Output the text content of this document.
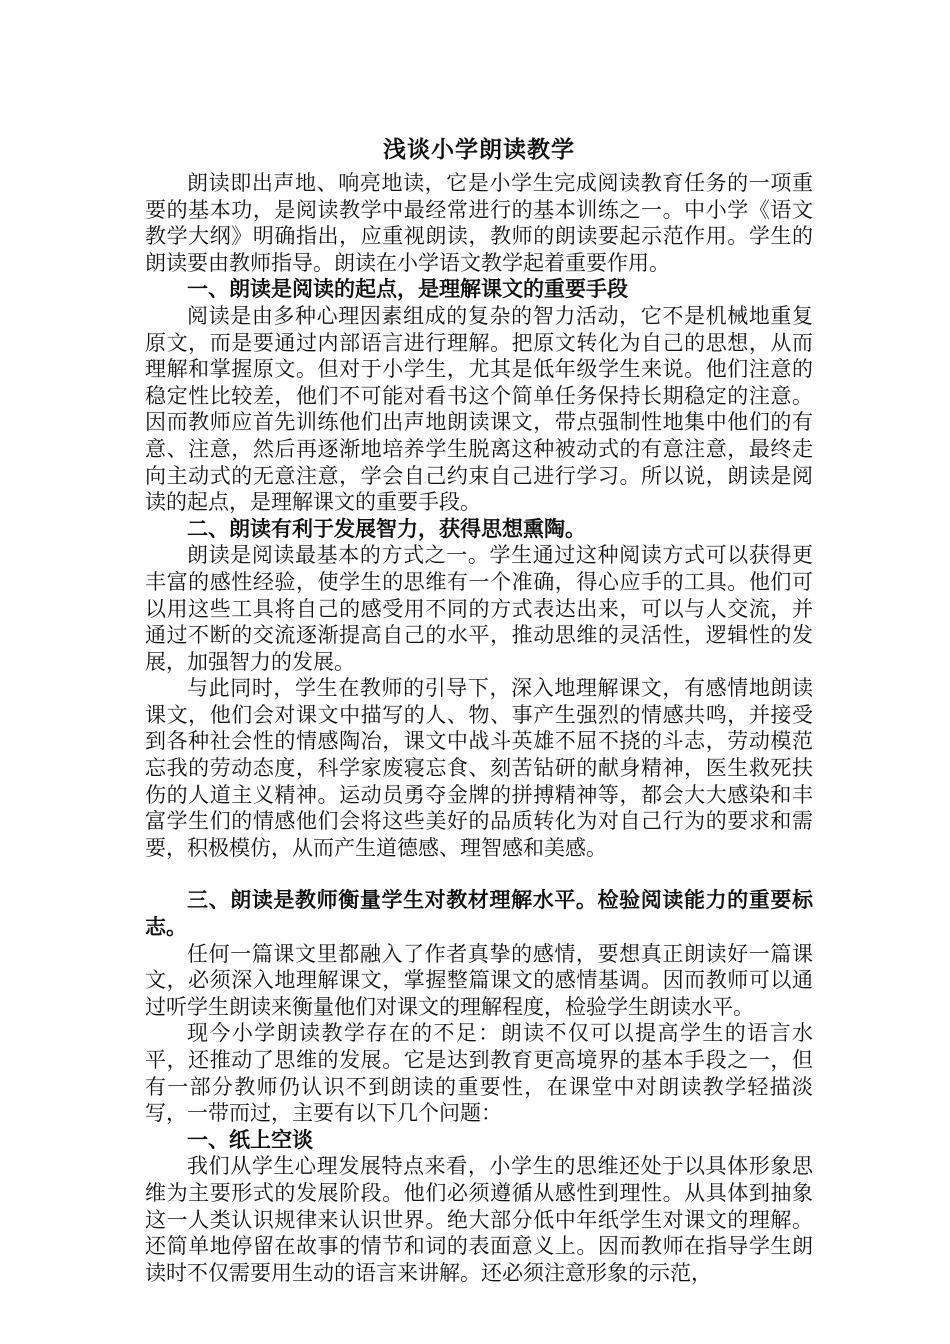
浅谈小学朗读教学

朗读即出声地、响亮地读，它是小学生完成阅读教育任务的一项重要的基本功，是阅读教学中最经常进行的基本训练之一。中小学《语文教学大纲》明确指出，应重视朗读，教师的朗读要起示范作用。学生的朗读要由教师指导。朗读在小学语文教学起着重要作用。

一、朗读是阅读的起点，是理解课文的重要手段

阅读是由多种心理因素组成的复杂的智力活动，它不是机械地重复原文，而是要通过内部语言进行理解。把原文转化为自己的思想，从而理解和掌握原文。但对于小学生，尤其是低年级学生来说。他们注意的稳定性比较差，他们不可能对看书这个简单任务保持长期稳定的注意。因而教师应首先训练他们出声地朗读课文，带点强制性地集中他们的有意、注意，然后再逐渐地培养学生脱离这种被动式的有意注意，最终走向主动式的无意注意，学会自己约束自己进行学习。所以说，朗读是阅读的起点，是理解课文的重要手段。

二、朗读有利于发展智力，获得思想熏陶。

朗读是阅读最基本的方式之一。学生通过这种阅读方式可以获得更丰富的感性经验，使学生的思维有一个准确，得心应手的工具。他们可以用这些工具将自己的感受用不同的方式表达出来，可以与人交流，并通过不断的交流逐渐提高自己的水平，推动思维的灵活性，逻辑性的发展，加强智力的发展。

与此同时，学生在教师的引导下，深入地理解课文，有感情地朗读课文，他们会对课文中描写的人、物、事产生强烈的情感共鸣，并接受到各种社会性的情感陶冶，课文中战斗英雄不屈不挠的斗志，劳动模范忘我的劳动态度，科学家废寝忘食、刻苦钻研的献身精神，医生救死扶伤的人道主义精神。运动员勇夺金牌的拼搏精神等，都会大大感染和丰富学生们的情感他们会将这些美好的品质转化为对自己行为的要求和需要，积极模仿，从而产生道德感、理智感和美感。

三、朗读是教师衡量学生对教材理解水平。检验阅读能力的重要标志。

任何一篇课文里都融入了作者真挚的感情，要想真正朗读好一篇课文，必须深入地理解课文，掌握整篇课文的感情基调。因而教师可以通过听学生朗读来衡量他们对课文的理解程度，检验学生朗读水平。

现今小学朗读教学存在的不足：朗读不仅可以提高学生的语言水平，还推动了思维的发展。它是达到教育更高境界的基本手段之一，但有一部分教师仍认识不到朗读的重要性，在课堂中对朗读教学轻描淡写，一带而过，主要有以下几个问题：

一、纸上空谈

我们从学生心理发展特点来看，小学生的思维还处于以具体形象思维为主要形式的发展阶段。他们必须遵循从感性到理性。从具体到抽象这一人类认识规律来认识世界。绝大部分低中年纸学生对课文的理解。还简单地停留在故事的情节和词的表面意义上。因而教师在指导学生朗读时不仅需要用生动的语言来讲解。还必须注意形象的示范，
